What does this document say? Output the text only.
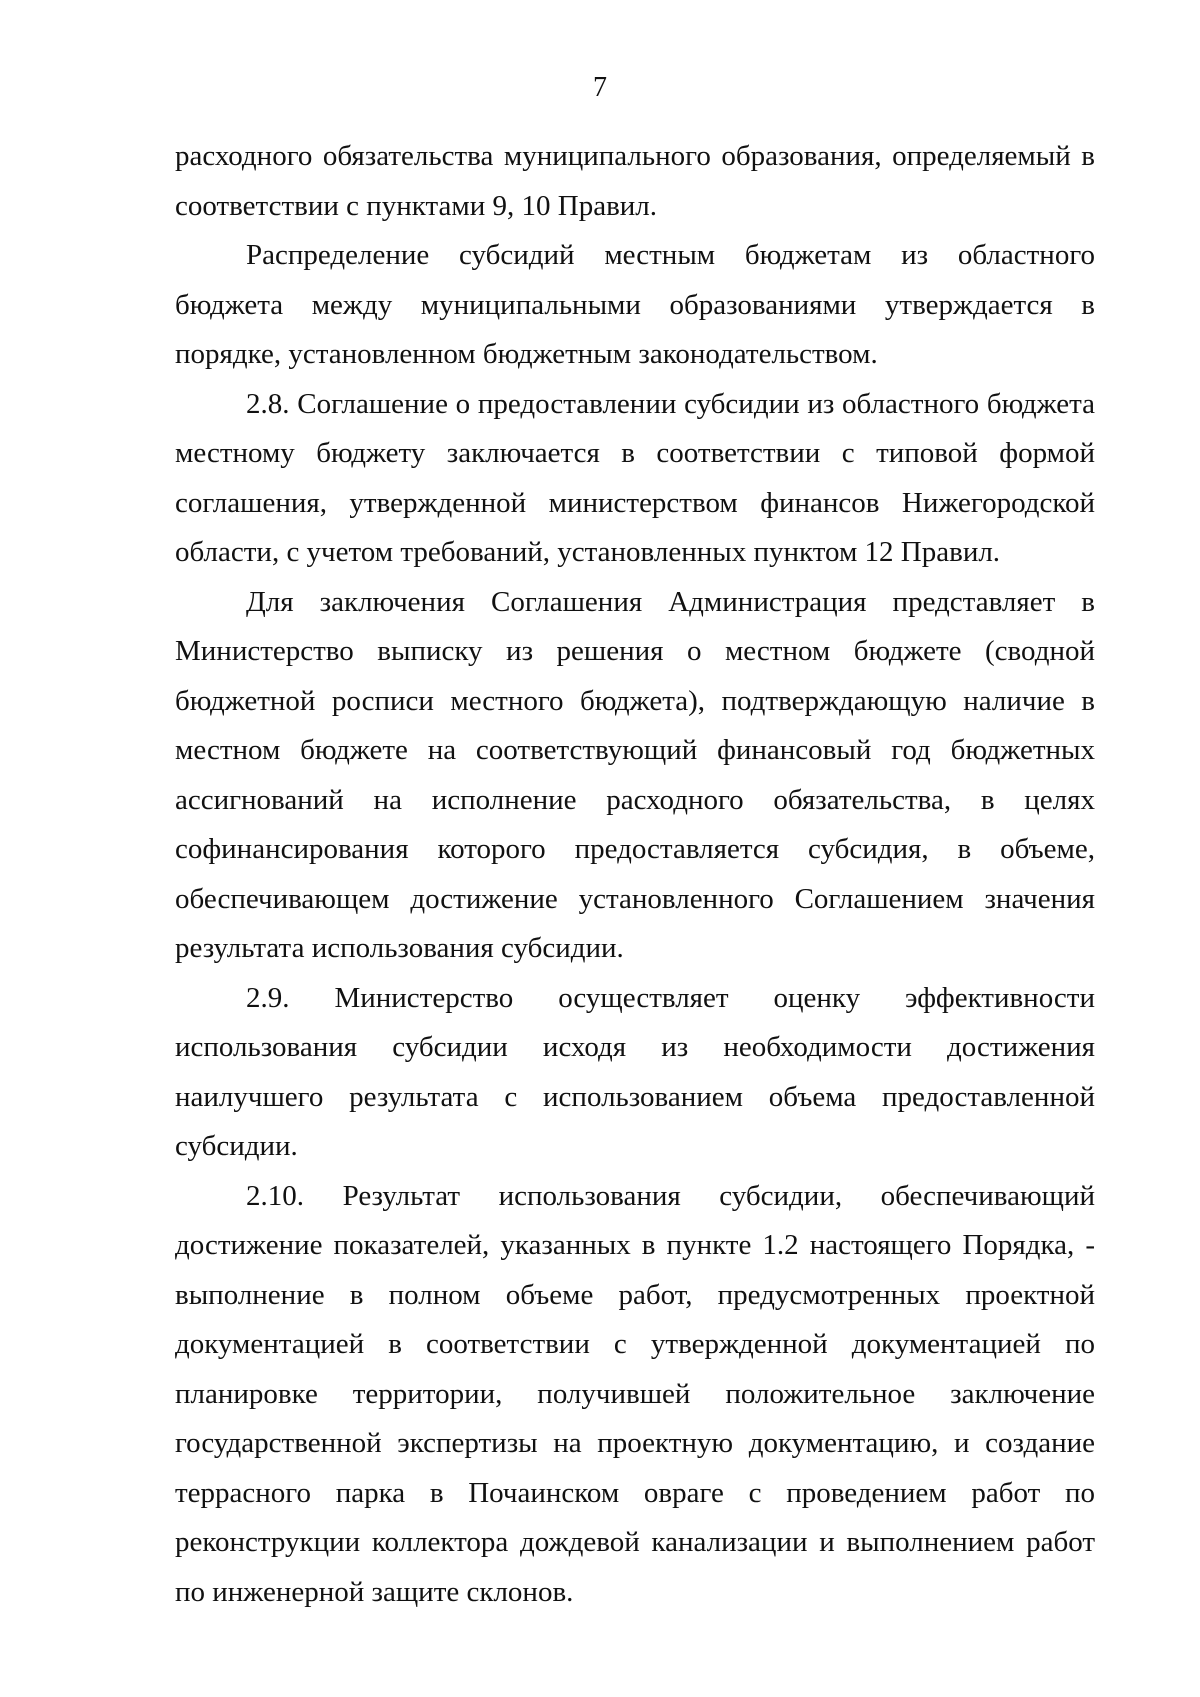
7

расходного обязательства муниципального образования, определяемый в соответствии с пунктами 9, 10 Правил.

Распределение субсидий местным бюджетам из областного бюджета между муниципальными образованиями утверждается в порядке, установленном бюджетным законодательством.

2.8. Соглашение о предоставлении субсидии из областного бюджета местному бюджету заключается в соответствии с типовой формой соглашения, утвержденной министерством финансов Нижегородской области, с учетом требований, установленных пунктом 12 Правил.

Для заключения Соглашения Администрация представляет в Министерство выписку из решения о местном бюджете (сводной бюджетной росписи местного бюджета), подтверждающую наличие в местном бюджете на соответствующий финансовый год бюджетных ассигнований на исполнение расходного обязательства, в целях софинансирования которого предоставляется субсидия, в объеме, обеспечивающем достижение установленного Соглашением значения результата использования субсидии.

2.9. Министерство осуществляет оценку эффективности использования субсидии исходя из необходимости достижения наилучшего результата с использованием объема предоставленной субсидии.

2.10. Результат использования субсидии, обеспечивающий достижение показателей, указанных в пункте 1.2 настоящего Порядка, - выполнение в полном объеме работ, предусмотренных проектной документацией в соответствии с утвержденной документацией по планировке территории, получившей положительное заключение государственной экспертизы на проектную документацию, и создание террасного парка в Почаинском овраге с проведением работ по реконструкции коллектора дождевой канализации и выполнением работ по инженерной защите склонов.
